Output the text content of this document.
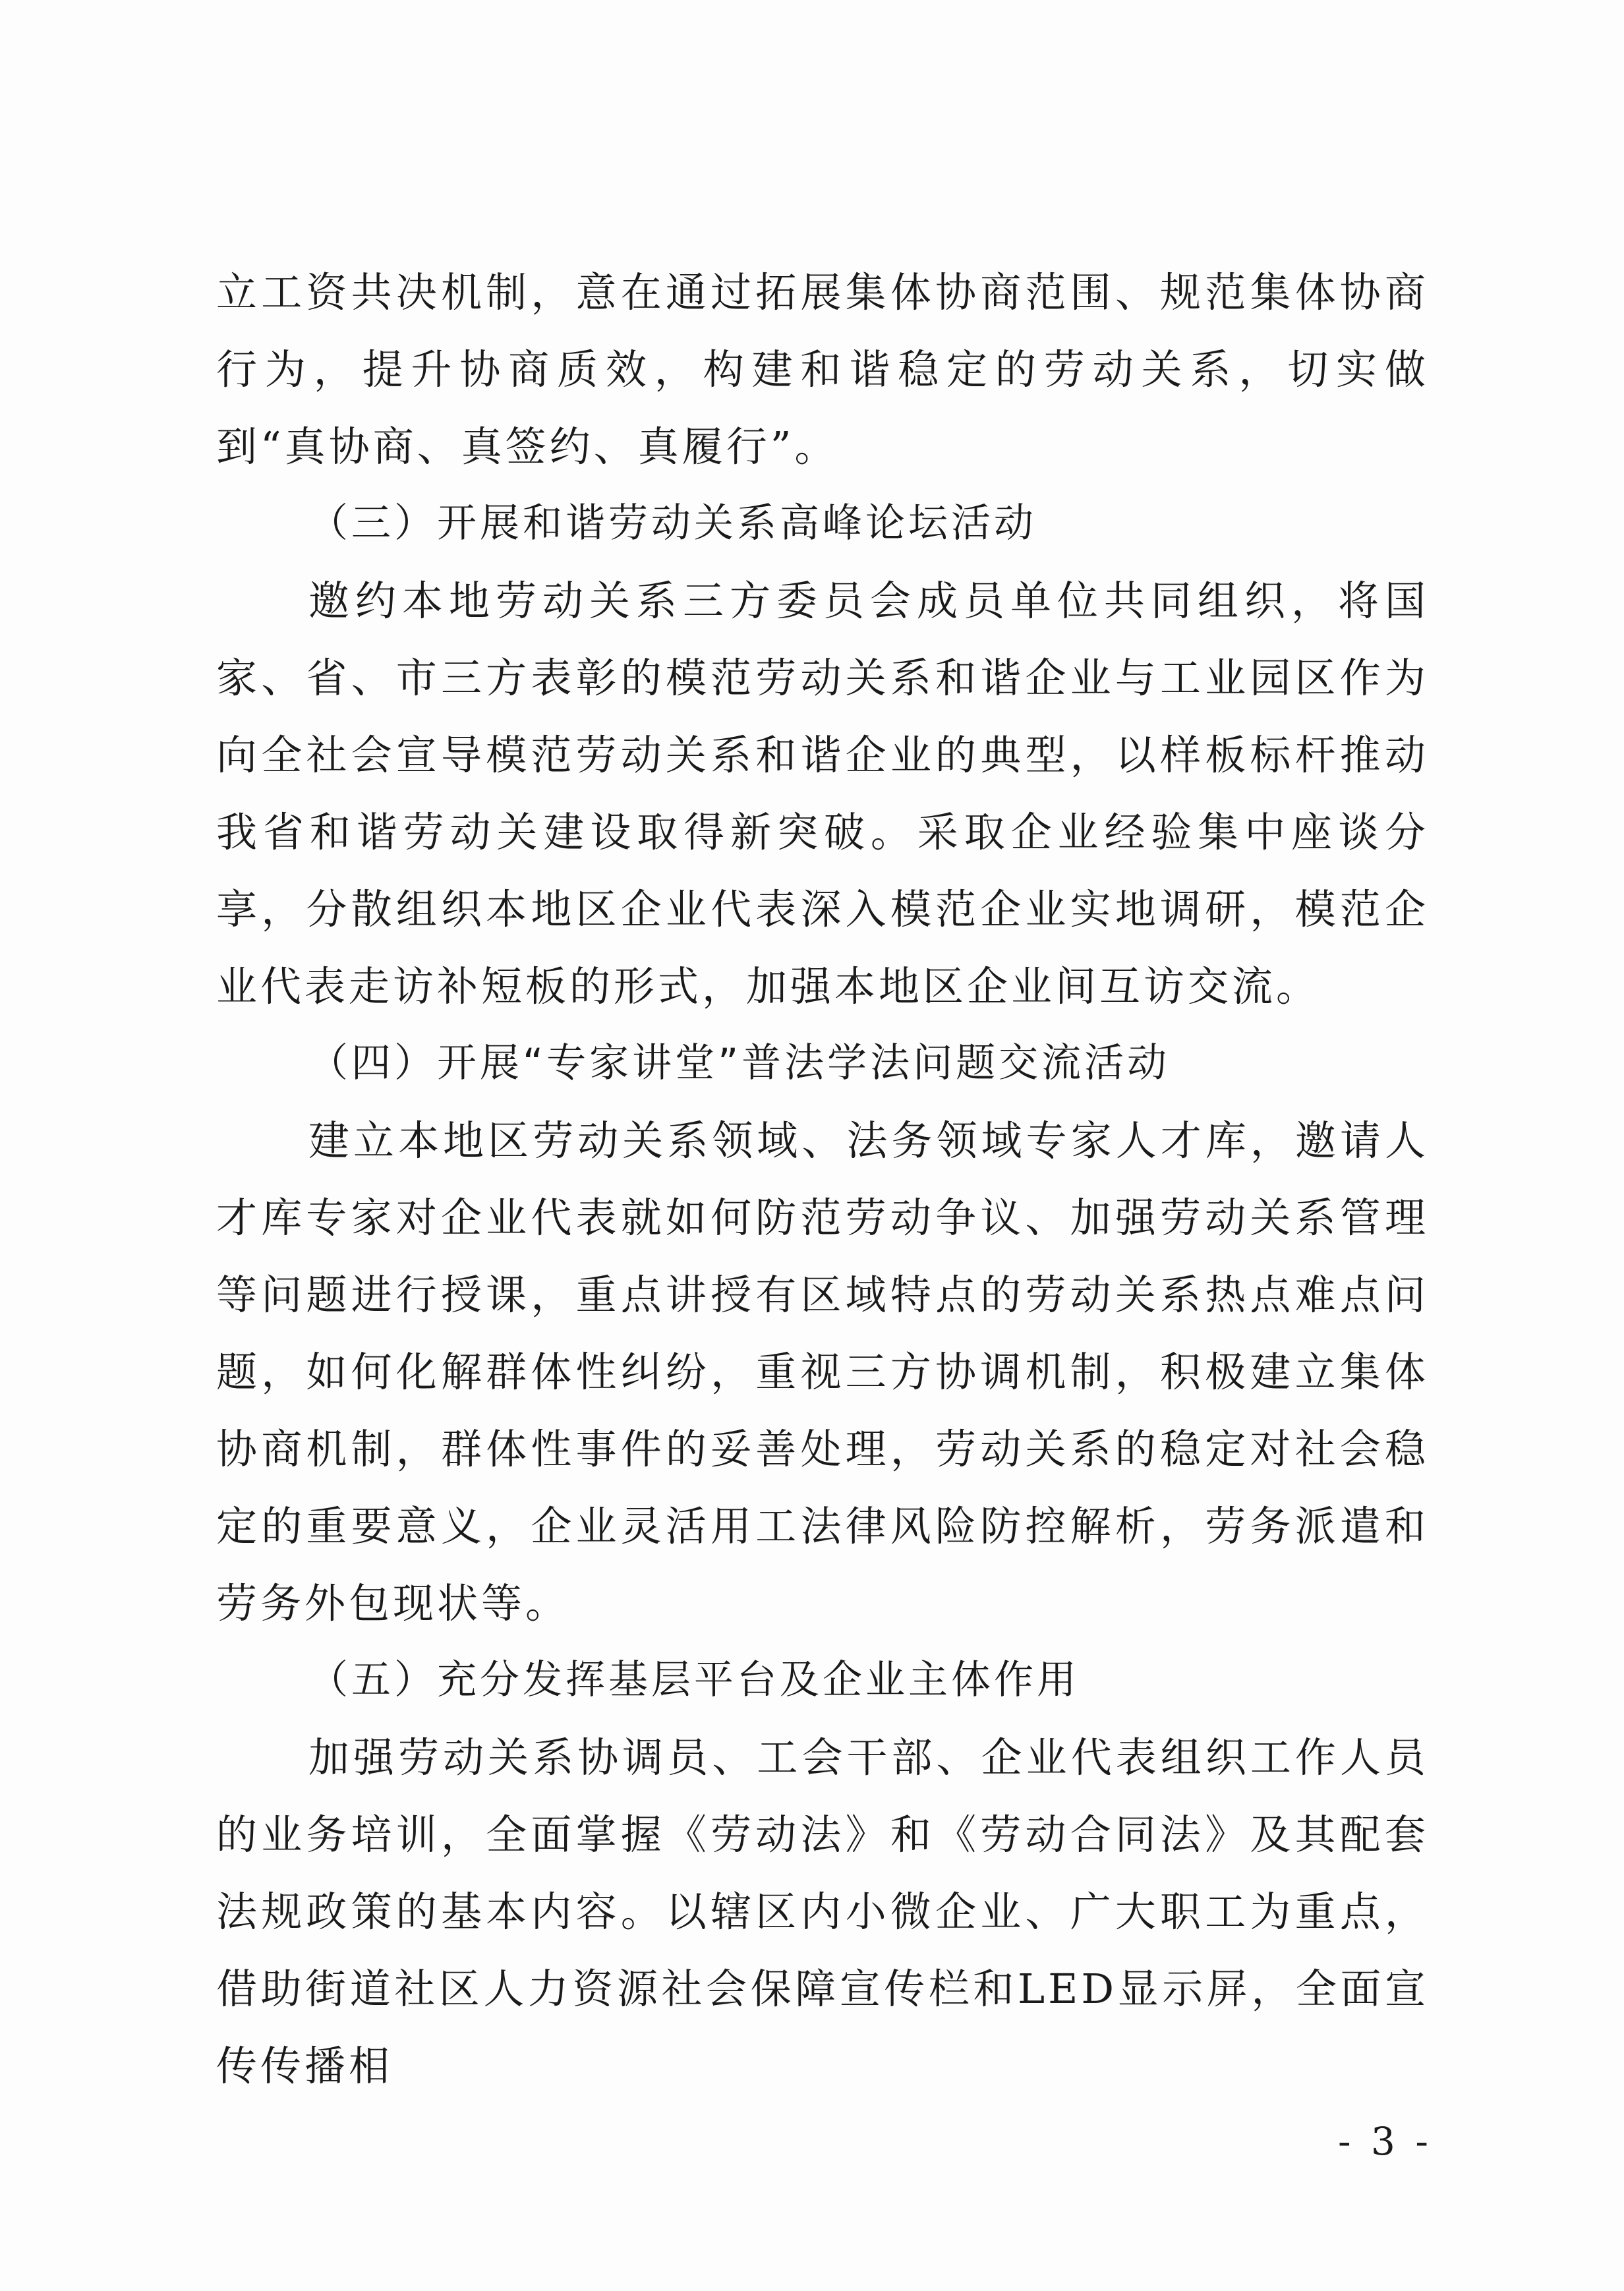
立工资共决机制，意在通过拓展集体协商范围、规范集体协商行为，提升协商质效，构建和谐稳定的劳动关系，切实做到“真协商、真签约、真履行”。

（三）开展和谐劳动关系高峰论坛活动

邀约本地劳动关系三方委员会成员单位共同组织，将国家、省、市三方表彰的模范劳动关系和谐企业与工业园区作为向全社会宣导模范劳动关系和谐企业的典型，以样板标杆推动我省和谐劳动关建设取得新突破。采取企业经验集中座谈分享，分散组织本地区企业代表深入模范企业实地调研，模范企业代表走访补短板的形式，加强本地区企业间互访交流。

（四）开展“专家讲堂”普法学法问题交流活动

建立本地区劳动关系领域、法务领域专家人才库，邀请人才库专家对企业代表就如何防范劳动争议、加强劳动关系管理等问题进行授课，重点讲授有区域特点的劳动关系热点难点问题，如何化解群体性纠纷，重视三方协调机制，积极建立集体协商机制，群体性事件的妥善处理，劳动关系的稳定对社会稳定的重要意义，企业灵活用工法律风险防控解析，劳务派遣和劳务外包现状等。

（五）充分发挥基层平台及企业主体作用

加强劳动关系协调员、工会干部、企业代表组织工作人员的业务培训，全面掌握《劳动法》和《劳动合同法》及其配套法规政策的基本内容。以辖区内小微企业、广大职工为重点，借助街道社区人力资源社会保障宣传栏和LED显示屏，全面宣传传播相

- 3 -
